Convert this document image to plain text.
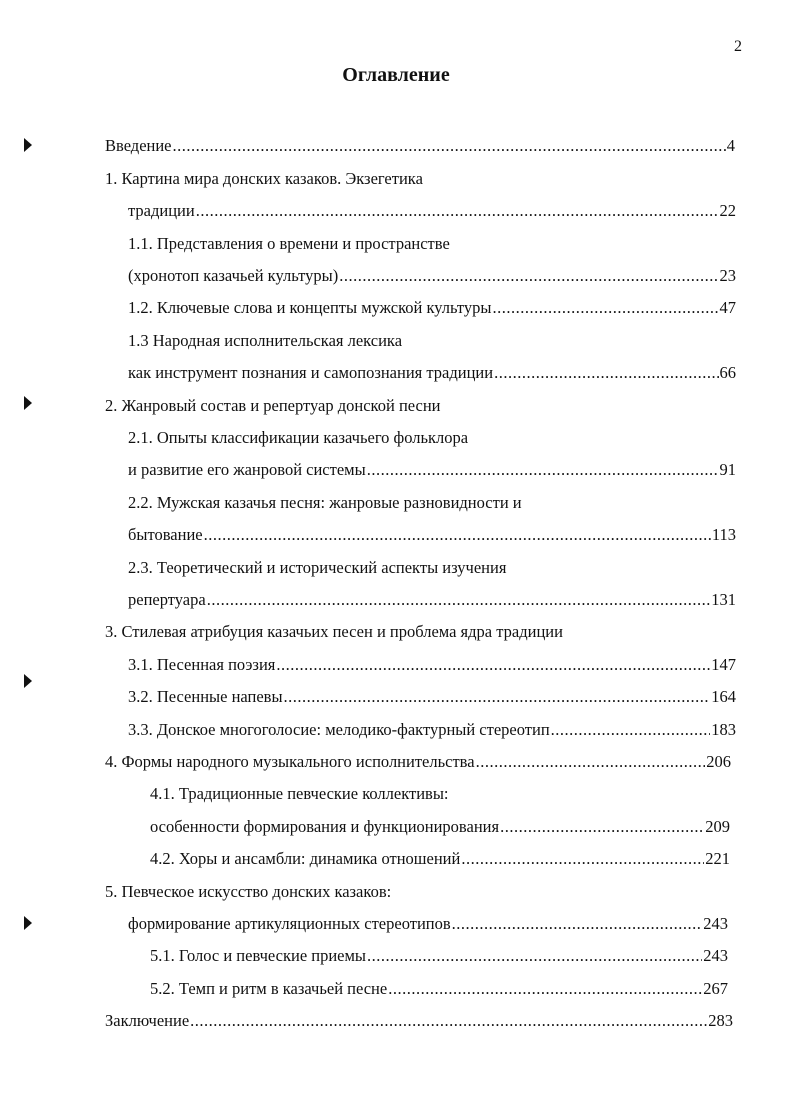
2
Оглавление
Введение .....	4
1. Картина мира донских казаков. Экзегетика
традиции .....	22
1.1. Представления о времени и пространстве
(хронотоп казачьей культуры) .....	23
1.2. Ключевые слова и концепты мужской культуры .....	47
1.3 Народная исполнительская лексика
как инструмент познания и самопознания традиции .....	66
2. Жанровый состав и репертуар донской песни
2.1. Опыты классификации казачьего фольклора
и развитие его жанровой системы .....	91
2.2. Мужская казачья песня: жанровые разновидности и
бытование .....	113
2.3. Теоретический и исторический аспекты изучения
репертуара .....	131
3. Стилевая атрибуция казачьих песен и проблема ядра традиции
3.1. Песенная поэзия .....	147
3.2. Песенные напевы .....	164
3.3. Донское многоголосие: мелодико-фактурный стереотип .....	183
4. Формы народного музыкального исполнительства .....	206
4.1. Традиционные певческие коллективы:
особенности формирования и функционирования .....	209
4.2. Хоры и ансамбли: динамика отношений .....	221
5. Певческое искусство донских казаков:
формирование артикуляционных стереотипов .....	243
5.1. Голос и певческие приемы .....	243
5.2. Темп и ритм в казачьей песне .....	267
Заключение .....	283
